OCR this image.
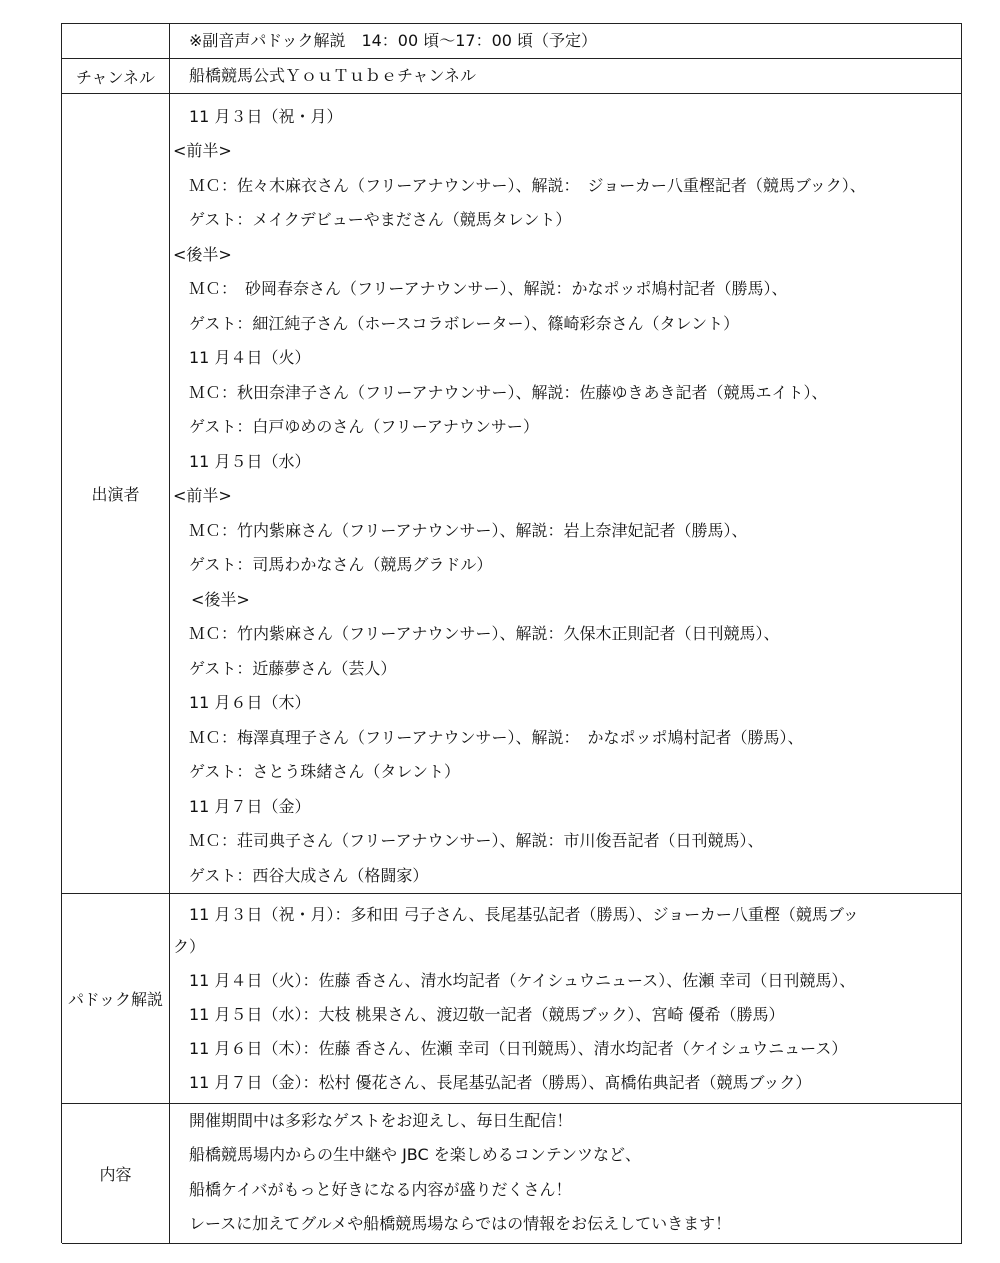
※副音声パドック解説　14：00 頃〜17：00 頃（予定）
チャンネル	船橋競馬公式ＹｏｕＴｕｂｅチャンネル
出演者
11 月３日（祝・月）
<前半>
ＭＣ：佐々木麻衣さん（フリーアナウンサー）、解説：　ジョーカー八重樫記者（競馬ブック）、
ゲスト：メイクデビューやまださん（競馬タレント）
<後半>
ＭＣ：　砂岡春奈さん（フリーアナウンサー）、解説：かなポッポ鳩村記者（勝馬）、
ゲスト：細江純子さん（ホースコラボレーター）、篠崎彩奈さん（タレント）
11 月４日（火）
ＭＣ：秋田奈津子さん（フリーアナウンサー）、解説：佐藤ゆきあき記者（競馬エイト）、
ゲスト：白戸ゆめのさん（フリーアナウンサー）
11 月５日（水）
<前半>
ＭＣ：竹内紫麻さん（フリーアナウンサー）、解説：岩上奈津妃記者（勝馬）、
ゲスト：司馬わかなさん（競馬グラドル）
<後半>
ＭＣ：竹内紫麻さん（フリーアナウンサー）、解説：久保木正則記者（日刊競馬）、
ゲスト：近藤夢さん（芸人）
11 月６日（木）
ＭＣ：梅澤真理子さん（フリーアナウンサー）、解説：　かなポッポ鳩村記者（勝馬）、
ゲスト：さとう珠緒さん（タレント）
11 月７日（金）
ＭＣ：荘司典子さん（フリーアナウンサー）、解説：市川俊吾記者（日刊競馬）、
ゲスト：西谷大成さん（格闘家）
パドック解説
11 月３日（祝・月）：多和田 弓子さん、長尾基弘記者（勝馬）、ジョーカー八重樫（競馬ブッ
ク）
11 月４日（火）：佐藤 香さん、清水均記者（ケイシュウニュース）、佐瀬 幸司（日刊競馬）、
11 月５日（水）：大枝 桃果さん、渡辺敬一記者（競馬ブック）、宮崎 優希（勝馬）
11 月６日（木）：佐藤 香さん、佐瀬 幸司（日刊競馬）、清水均記者（ケイシュウニュース）
11 月７日（金）：松村 優花さん、長尾基弘記者（勝馬）、髙橋佑典記者（競馬ブック）
内容
開催期間中は多彩なゲストをお迎えし、毎日生配信！
船橋競馬場内からの生中継や JBC を楽しめるコンテンツなど、
船橋ケイバがもっと好きになる内容が盛りだくさん！
レースに加えてグルメや船橋競馬場ならではの情報をお伝えしていきます！
